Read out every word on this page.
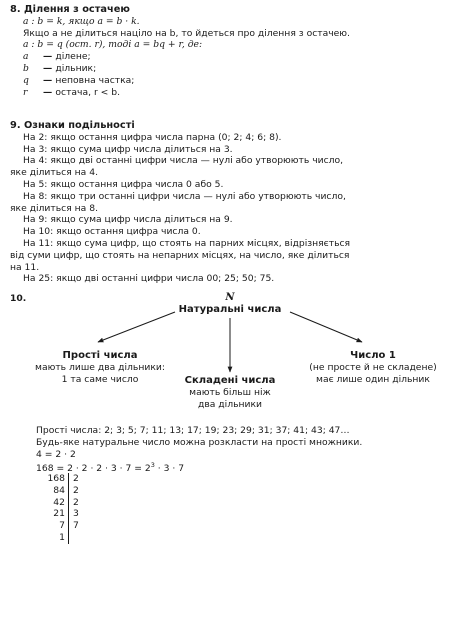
8. Ділення з остачею
a : b = k, якщо a = b · k.
Якщо a не ділиться націло на b, то йдеться про ділення з остачею.
a : b = q (ост. r), тоді a = bq + r, де:
a	— ділене;
b	— дільник;
q	— неповна частка;
r	— остача, r < b.
9. Ознаки подільності
На 2: якщо остання цифра числа парна (0; 2; 4; 6; 8).
На 3: якщо сума цифр числа ділиться на 3.
На 4: якщо дві останні цифри числа — нулі або утворюють число,
яке ділиться на 4.
На 5: якщо остання цифра числа 0 або 5.
На 8: якщо три останні цифри числа — нулі або утворюють число,
яке ділиться на 8.
На 9: якщо сума цифр числа ділиться на 9.
На 10: якщо остання цифра числа 0.
На 11: якщо сума цифр, що стоять на парних місцях, відрізняється
від суми цифр, що стоять на непарних місцях, на число, яке ділиться
на 11.
На 25: якщо дві останні цифри числа 00; 25; 50; 75.
10.	N
Натуральні числа
Прості числа
мають лише два дільники:
1 та саме число	Складені числа
мають більш ніж
два дільники
Число 1
(не просте й не складене)
має лише один дільник
Прості числа: 2; 3; 5; 7; 11; 13; 17; 19; 23; 29; 31; 37; 41; 43; 47…
Будь-яке натуральне число можна розкласти на прості множники.
4 = 2 · 2
$168 = 2 \cdot 2 \cdot 2 \cdot 3 \cdot 7 = 2^3 \cdot 3 \cdot 7$
168 2
84 2
42 2
21 3
7 7
1
